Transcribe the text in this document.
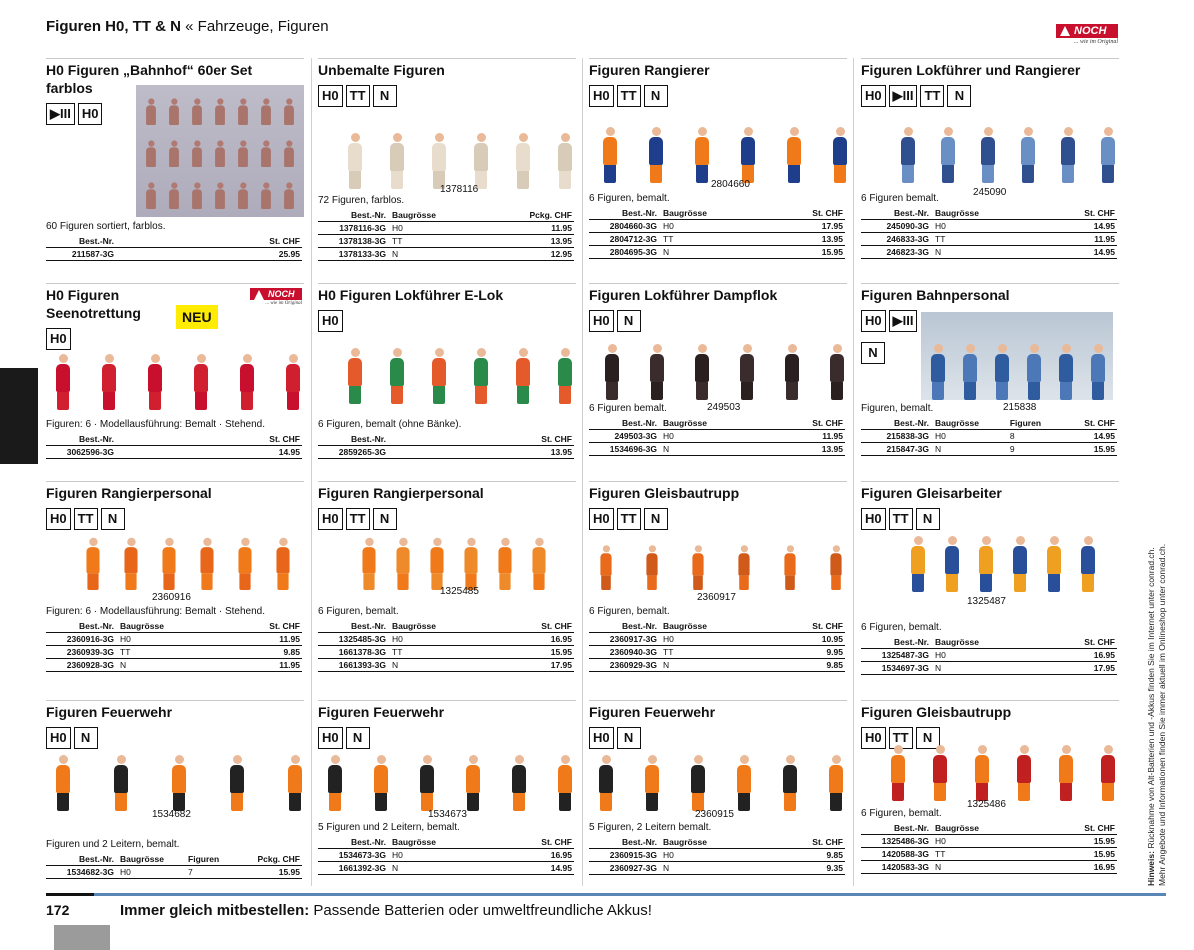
Figuren H0, TT & N « Fahrzeuge, Figuren	NOCH
... wie im Original
Hinweis: Rücknahme von Alt-Batterien und -Akkus finden Sie im Internet unter conrad.ch. Mehr Angebote und Informationen finden Sie immer aktuell im Onlineshop unter conrad.ch.
H0 Figuren „Bahnhof“ 60er Set farblos
▶III H0
60 Figuren sortiert, farblos.
Best.-Nr.		St. CHF
211587-3G		25.95
Unbemalte Figuren
H0 TT	N
1378116
72 Figuren, farblos.
Best.-Nr.	Baugrösse	Pckg. CHF
1378116-3G	H0	11.95
1378138-3G	TT	13.95
1378133-3G	N	12.95
Figuren Rangierer
H0 TT	N
2804660
6 Figuren, bemalt.
Best.-Nr.	Baugrösse	St. CHF
2804660-3G	H0	17.95
2804712-3G	TT	13.95
2804695-3G	N	15.95
Figuren Lokführer und Rangierer
H0 ▶III TT	N
245090
6 Figuren bemalt.
Best.-Nr.	Baugrösse	St. CHF
245090-3G	H0	14.95
246833-3G	TT	11.95
246823-3G	N	14.95
H0 Figuren Seenotrettung
H0
Figuren: 6 · Modellausführung: Bemalt · Stehend.
Best.-Nr.		St. CHF
3062596-3G		14.95
H0 Figuren Lokführer E-Lok
H0
6 Figuren, bemalt (ohne Bänke).
Best.-Nr.		St. CHF
2859265-3G		13.95
Figuren Lokführer Dampflok
H0	N
249503
6 Figuren bemalt.
Best.-Nr.	Baugrösse	St. CHF
249503-3G	H0	11.95
1534696-3G	N	13.95
Figuren Bahnpersonal
H0 ▶III
N
215838
Figuren, bemalt.
Best.-Nr.	Baugrösse	Figuren	St. CHF
215838-3G	H0	8	14.95
215847-3G	N	9	15.95
Figuren Rangierpersonal
H0 TT	N
2360916
Figuren: 6 · Modellausführung: Bemalt · Stehend.
Best.-Nr.	Baugrösse	St. CHF
2360916-3G	H0	11.95
2360939-3G	TT	9.85
2360928-3G	N	11.95
Figuren Rangierpersonal
H0 TT	N
1325485
6 Figuren, bemalt.
Best.-Nr.	Baugrösse	St. CHF
1325485-3G	H0	16.95
1661378-3G	TT	15.95
1661393-3G	N	17.95
Figuren Gleisbautrupp
H0 TT	N
2360917
6 Figuren, bemalt.
Best.-Nr.	Baugrösse	St. CHF
2360917-3G	H0	10.95
2360940-3G	TT	9.95
2360929-3G	N	9.85
Figuren Gleisarbeiter
H0 TT	N
1325487
6 Figuren, bemalt.
Best.-Nr.	Baugrösse	St. CHF
1325487-3G	H0	16.95
1534697-3G	N	17.95
Figuren Feuerwehr
H0	N
1534682
Figuren und 2 Leitern, bemalt.
Best.-Nr.	Baugrösse	Figuren	Pckg. CHF
1534682-3G	H0	7	15.95
Figuren Feuerwehr
H0	N
1534673
5 Figuren und 2 Leitern, bemalt.
Best.-Nr.	Baugrösse	St. CHF
1534673-3G	H0	16.95
1661392-3G	N	14.95
Figuren Feuerwehr
H0	N
2360915
5 Figuren, 2 Leitern bemalt.
Best.-Nr.	Baugrösse	St. CHF
2360915-3G	H0	9.85
2360927-3G	N	9.35
Figuren Gleisbautrupp
H0 TT	N
1325486
6 Figuren, bemalt.
Best.-Nr.	Baugrösse	St. CHF
1325486-3G	H0	15.95
1420588-3G	TT	15.95
1420583-3G	N	16.95
NEU
172	Immer gleich mitbestellen: Passende Batterien oder umweltfreundliche Akkus!
NOCH
... wie im Original
